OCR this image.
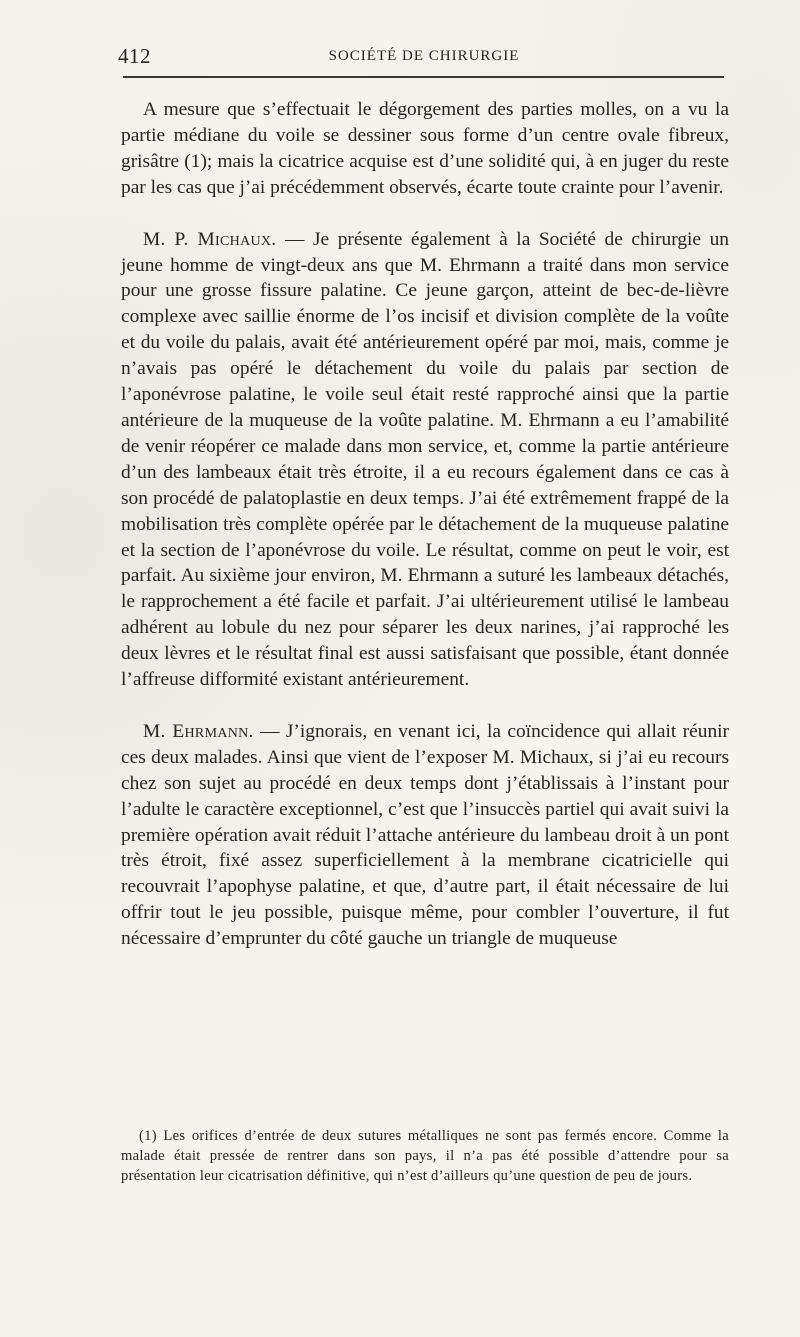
412	SOCIÉTÉ DE CHIRURGIE

A mesure que s’effectuait le dégorgement des parties molles, on a vu la partie médiane du voile se dessiner sous forme d’un centre ovale fibreux, grisâtre (1); mais la cicatrice acquise est d’une solidité qui, à en juger du reste par les cas que j’ai précédemment observés, écarte toute crainte pour l’avenir.

M. P. Michaux. — Je présente également à la Société de chirurgie un jeune homme de vingt-deux ans que M. Ehrmann a traité dans mon service pour une grosse fissure palatine. Ce jeune garçon, atteint de bec-de-lièvre complexe avec saillie énorme de l’os incisif et division complète de la voûte et du voile du palais, avait été antérieurement opéré par moi, mais, comme je n’avais pas opéré le détachement du voile du palais par section de l’aponévrose palatine, le voile seul était resté rapproché ainsi que la partie antérieure de la muqueuse de la voûte palatine. M. Ehrmann a eu l’amabilité de venir réopérer ce malade dans mon service, et, comme la partie antérieure d’un des lambeaux était très étroite, il a eu recours également dans ce cas à son procédé de palatoplastie en deux temps. J’ai été extrêmement frappé de la mobilisation très complète opérée par le détachement de la muqueuse palatine et la section de l’aponévrose du voile. Le résultat, comme on peut le voir, est parfait. Au sixième jour environ, M. Ehrmann a suturé les lambeaux détachés, le rapprochement a été facile et parfait. J’ai ultérieurement utilisé le lambeau adhérent au lobule du nez pour séparer les deux narines, j’ai rapproché les deux lèvres et le résultat final est aussi satisfaisant que possible, étant donnée l’affreuse difformité existant antérieurement.

M. Ehrmann. — J’ignorais, en venant ici, la coïncidence qui allait réunir ces deux malades. Ainsi que vient de l’exposer M. Michaux, si j’ai eu recours chez son sujet au procédé en deux temps dont j’établissais à l’instant pour l’adulte le caractère exceptionnel, c’est que l’insuccès partiel qui avait suivi la première opération avait réduit l’attache antérieure du lambeau droit à un pont très étroit, fixé assez superficiellement à la membrane cicatricielle qui recouvrait l’apophyse palatine, et que, d’autre part, il était nécessaire de lui offrir tout le jeu possible, puisque même, pour combler l’ouverture, il fut nécessaire d’emprunter du côté gauche un triangle de muqueuse

(1) Les orifices d’entrée de deux sutures métalliques ne sont pas fermés encore. Comme la malade était pressée de rentrer dans son pays, il n’a pas été possible d’attendre pour sa présentation leur cicatrisation définitive, qui n’est d’ailleurs qu’une question de peu de jours.
